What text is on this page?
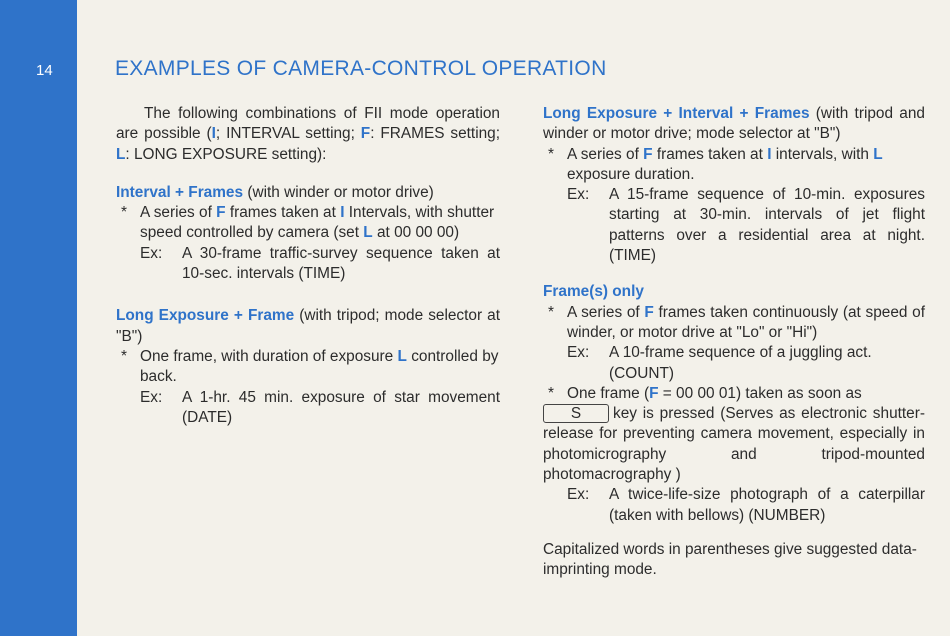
14	EXAMPLES OF CAMERA-CONTROL OPERATION

The following combinations of FII mode operation are possible (I; INTERVAL setting; F: FRAMES setting; L: LONG EXPOSURE setting):

Interval + Frames (with winder or motor drive)

* A series of F frames taken at I Intervals, with shutter speed controlled by camera (set L at 00 00 00)
Ex:	A 30-frame traffic-survey sequence taken at 10-sec. intervals (TIME)

Long Exposure + Frame (with tripod; mode selector at "B")

* One frame, with duration of exposure L controlled by back.
Ex:	A 1-hr. 45 min. exposure of star movement (DATE)

Long Exposure + Interval + Frames (with tripod and winder or motor drive; mode selector at "B")

* A series of F frames taken at I intervals, with L exposure duration.
Ex:	A 15-frame sequence of 10-min. exposures starting at 30-min. intervals of jet flight patterns over a residential area at night. (TIME)

Frame(s) only

* A series of F frames taken continuously (at speed of winder, or motor drive at "Lo" or "Hi")
Ex:	A 10-frame sequence of a juggling act. (COUNT)
* One frame (F = 00 00 01) taken as soon as

S key is pressed (Serves as electronic shutter-release for preventing camera movement, especially in photomicrography and tripod-mounted photomacrography )

Ex:	A twice-life-size photograph of a caterpillar (taken with bellows) (NUMBER)

Capitalized words in parentheses give suggested data-imprinting mode.
